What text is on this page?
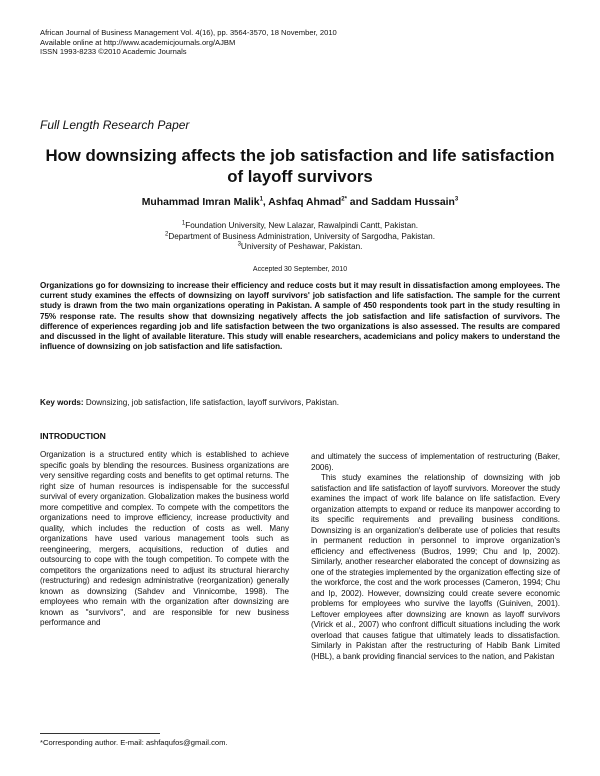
African Journal of Business Management Vol. 4(16), pp. 3564-3570, 18 November, 2010
Available online at http://www.academicjournals.org/AJBM
ISSN 1993-8233 ©2010 Academic Journals
Full Length Research Paper
How downsizing affects the job satisfaction and life satisfaction of layoff survivors
Muhammad Imran Malik$^1$, Ashfaq Ahmad$^{2*}$ and Saddam Hussain$^3$
$^1$Foundation University, New Lalazar, Rawalpindi Cantt, Pakistan.
$^2$Department of Business Administration, University of Sargodha, Pakistan.
$^3$University of Peshawar, Pakistan.
Accepted 30 September, 2010
Organizations go for downsizing to increase their efficiency and reduce costs but it may result in dissatisfaction among employees. The current study examines the effects of downsizing on layoff survivors' job satisfaction and life satisfaction. The sample for the current study is drawn from the two main organizations operating in Pakistan. A sample of 450 respondents took part in the study resulting in 75% response rate. The results show that downsizing negatively affects the job satisfaction and life satisfaction of survivors. The difference of experiences regarding job and life satisfaction between the two organizations is also assessed. The results are compared and discussed in the light of available literature. This study will enable researchers, academicians and policy makers to understand the influence of downsizing on job satisfaction and life satisfaction.
Key words: Downsizing, job satisfaction, life satisfaction, layoff survivors, Pakistan.
INTRODUCTION

Organization is a structured entity which is established to achieve specific goals by blending the resources. Business organizations are very sensitive regarding costs and benefits to get optimal returns. The right size of human resources is indispensable for the successful survival of every organization. Globalization makes the business world more competitive and complex. To compete with the competitors the organizations need to improve efficiency, increase productivity and quality, which includes the reduction of costs as well. Many organizations have used various management tools such as reengineering, mergers, acquisitions, reduction of duties and outsourcing to cope with the tough competition. To compete with the competitors the organizations need to adjust its structural hierarchy (restructuring) and redesign administrative (reorganization) generally known as downsizing (Sahdev and Vinnicombe, 1998). The employees who remain with the organization after downsizing are known as "survivors", and are responsible for new business performance and

and ultimately the success of implementation of restructuring (Baker, 2006).

This study examines the relationship of downsizing with job satisfaction and life satisfaction of layoff survivors. Moreover the study examines the impact of work life balance on life satisfaction. Every organization attempts to expand or reduce its manpower according to its specific requirements and prevailing business conditions. Downsizing is an organization's deliberate use of policies that results in permanent reduction in personnel to improve organization's efficiency and effectiveness (Budros, 1999; Chu and Ip, 2002). Similarly, another researcher elaborated the concept of downsizing as one of the strategies implemented by the organization effecting size of the workforce, the cost and the work processes (Cameron, 1994; Chu and Ip, 2002). However, downsizing could create severe economic problems for employees who survive the layoffs (Guiniven, 2001). Leftover employees after downsizing are known as layoff survivors (Virick et al., 2007) who confront difficult situations including the work overload that causes fatigue that ultimately leads to dissatisfaction. Similarly in Pakistan after the restructuring of Habib Bank Limited (HBL), a bank providing financial services to the nation, and Pakistan

*Corresponding author. E-mail: ashfaqufos@gmail.com.
